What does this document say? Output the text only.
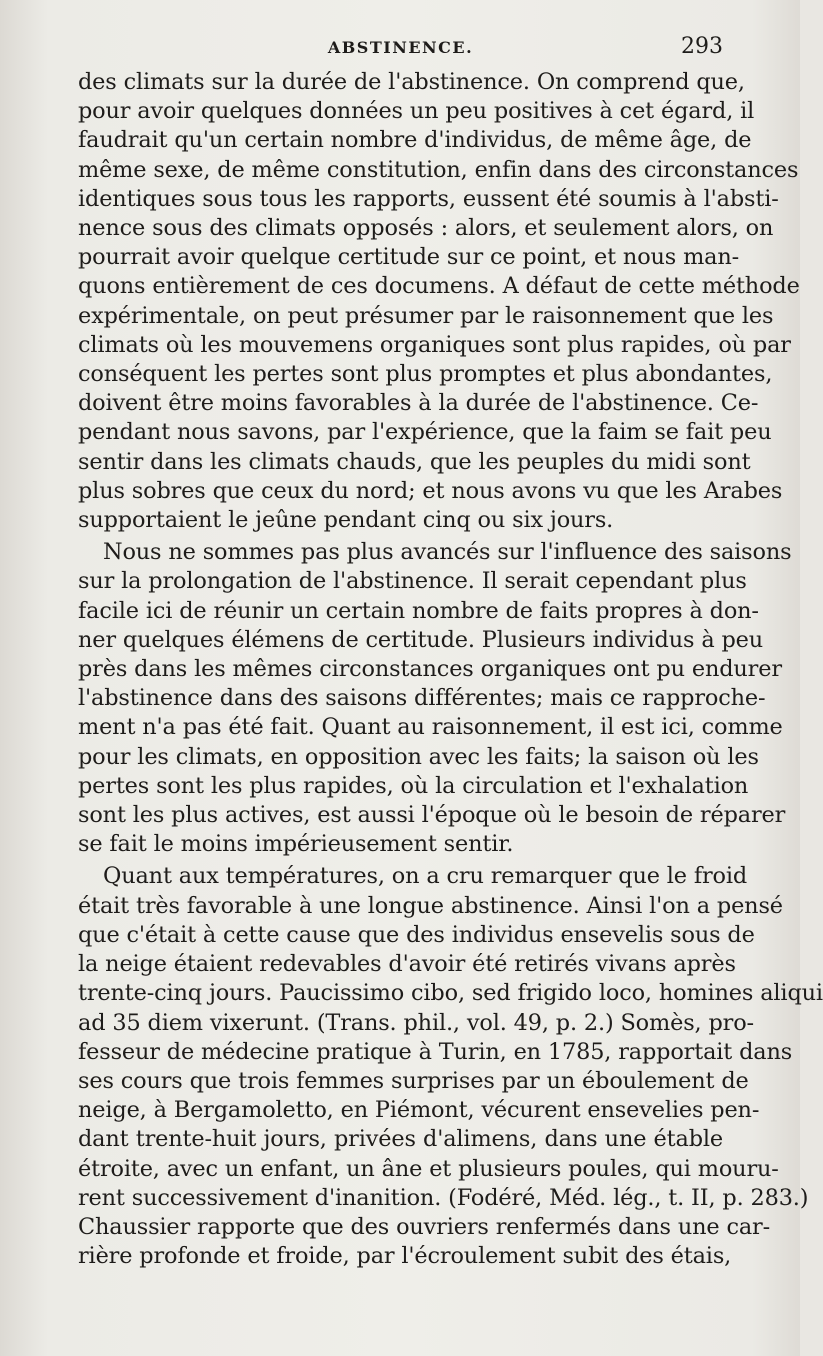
ABSTINENCE.	293
des climats sur la durée de l'abstinence. On comprend que,
pour avoir quelques données un peu positives à cet égard, il
faudrait qu'un certain nombre d'individus, de même âge, de
même sexe, de même constitution, enfin dans des circonstances
identiques sous tous les rapports, eussent été soumis à l'absti-
nence sous des climats opposés : alors, et seulement alors, on
pourrait avoir quelque certitude sur ce point, et nous man-
quons entièrement de ces documens. A défaut de cette méthode
expérimentale, on peut présumer par le raisonnement que les
climats où les mouvemens organiques sont plus rapides, où par
conséquent les pertes sont plus promptes et plus abondantes,
doivent être moins favorables à la durée de l'abstinence. Ce-
pendant nous savons, par l'expérience, que la faim se fait peu
sentir dans les climats chauds, que les peuples du midi sont
plus sobres que ceux du nord; et nous avons vu que les Arabes
supportaient le jeûne pendant cinq ou six jours.
Nous ne sommes pas plus avancés sur l'influence des saisons
sur la prolongation de l'abstinence. Il serait cependant plus
facile ici de réunir un certain nombre de faits propres à don-
ner quelques élémens de certitude. Plusieurs individus à peu
près dans les mêmes circonstances organiques ont pu endurer
l'abstinence dans des saisons différentes; mais ce rapproche-
ment n'a pas été fait. Quant au raisonnement, il est ici, comme
pour les climats, en opposition avec les faits; la saison où les
pertes sont les plus rapides, où la circulation et l'exhalation
sont les plus actives, est aussi l'époque où le besoin de réparer
se fait le moins impérieusement sentir.
Quant aux températures, on a cru remarquer que le froid
était très favorable à une longue abstinence. Ainsi l'on a pensé
que c'était à cette cause que des individus ensevelis sous de
la neige étaient redevables d'avoir été retirés vivans après
trente-cinq jours. Paucissimo cibo, sed frigido loco, homines aliqui
ad 35 diem vixerunt. (Trans. phil., vol. 49, p. 2.) Somès, pro-
fesseur de médecine pratique à Turin, en 1785, rapportait dans
ses cours que trois femmes surprises par un éboulement de
neige, à Bergamoletto, en Piémont, vécurent ensevelies pen-
dant trente-huit jours, privées d'alimens, dans une étable
étroite, avec un enfant, un âne et plusieurs poules, qui mouru-
rent successivement d'inanition. (Fodéré, Méd. lég., t. II, p. 283.)
Chaussier rapporte que des ouvriers renfermés dans une car-
rière profonde et froide, par l'écroulement subit des étais,
